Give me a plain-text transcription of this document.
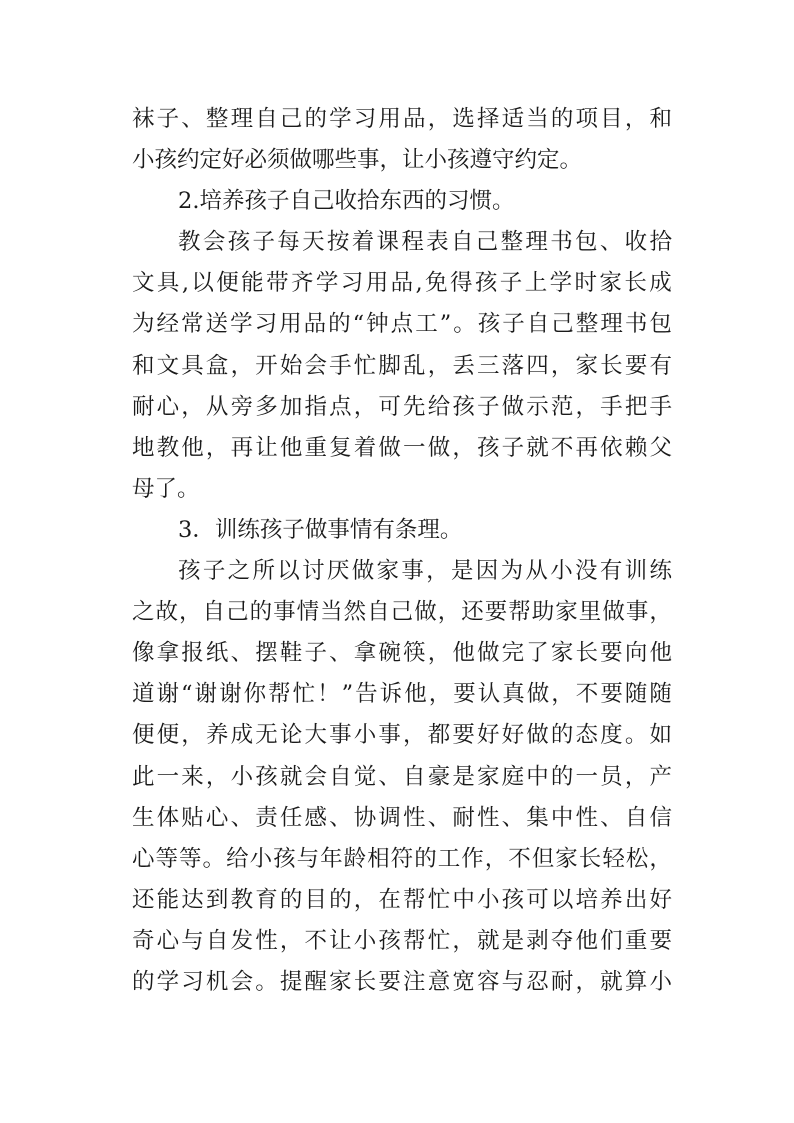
袜 子 、 整 理 自 己 的 学 习 用 品 ， 选 择 适 当 的 项 目 ， 和
小孩约定好必须做哪些事，让小孩遵守约定。
2.培养孩子自己收拾东西的习惯。
教 会 孩 子 每 天 按 着 课 程 表 自 己 整 理 书 包 、 收 拾
文 具 , 以 便 能 带 齐 学 习 用 品 , 免 得 孩 子 上 学 时 家 长 成
为 经 常 送 学 习 用 品 的 “ 钟 点 工 ” 。 孩 子 自 己 整 理 书 包
和 文 具 盒 ， 开 始 会 手 忙 脚 乱 ， 丢 三 落 四 ， 家 长 要 有
耐 心 ， 从 旁 多 加 指 点 ， 可 先 给 孩 子 做 示 范 ， 手 把 手
地 教 他 ， 再 让 他 重 复 着 做 一 做 ， 孩 子 就 不 再 依 赖 父
母了。
3．训练孩子做事情有条理。
孩 子 之 所 以 讨 厌 做 家 事 ， 是 因 为 从 小 没 有 训 练
之 故 ， 自 己 的 事 情 当 然 自 己 做 ， 还 要 帮 助 家 里 做 事 ，
像 拿 报 纸 、 摆 鞋 子 、 拿 碗 筷 ， 他 做 完 了 家 长 要 向 他
道 谢 “ 谢 谢 你 帮 忙 ！ ” 告 诉 他 ， 要 认 真 做 ， 不 要 随 随
便 便 ， 养 成 无 论 大 事 小 事 ， 都 要 好 好 做 的 态 度 。 如
此 一 来 ， 小 孩 就 会 自 觉 、 自 豪 是 家 庭 中 的 一 员 ， 产
生 体 贴 心 、 责 任 感 、 协 调 性 、 耐 性 、 集 中 性 、 自 信
心 等 等 。 给 小 孩 与 年 龄 相 符 的 工 作 ， 不 但 家 长 轻 松 ，
还 能 达 到 教 育 的 目 的 ， 在 帮 忙 中 小 孩 可 以 培 养 出 好
奇 心 与 自 发 性 ， 不 让 小 孩 帮 忙 ， 就 是 剥 夺 他 们 重 要
的 学 习 机 会 。 提 醒 家 长 要 注 意 宽 容 与 忍 耐 ， 就 算 小
